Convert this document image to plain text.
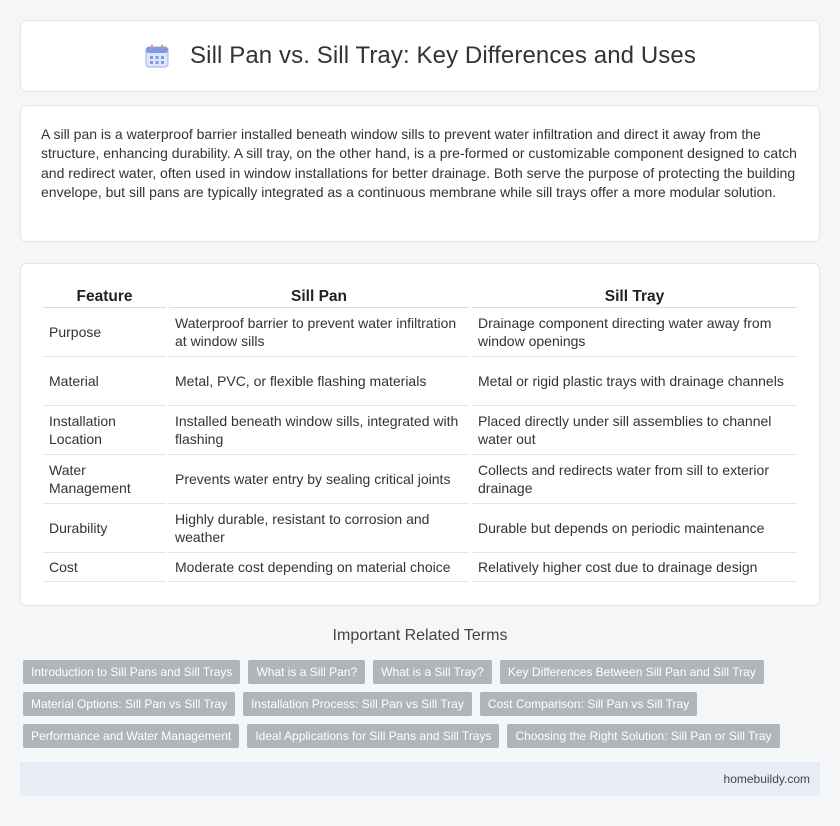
Sill Pan vs. Sill Tray: Key Differences and Uses

A sill pan is a waterproof barrier installed beneath window sills to prevent water infiltration and direct it away from the structure, enhancing durability. A sill tray, on the other hand, is a pre-formed or customizable component designed to catch and redirect water, often used in window installations for better drainage. Both serve the purpose of protecting the building envelope, but sill pans are typically integrated as a continuous membrane while sill trays offer a more modular solution.

Feature	Sill Pan	Sill Tray
Purpose	Waterproof barrier to prevent water infiltration at window sills	Drainage component directing water away from window openings
Material	Metal, PVC, or flexible flashing materials	Metal or rigid plastic trays with drainage channels
Installation Location	Installed beneath window sills, integrated with flashing	Placed directly under sill assemblies to channel water out
Water Management	Prevents water entry by sealing critical joints	Collects and redirects water from sill to exterior drainage
Durability	Highly durable, resistant to corrosion and weather	Durable but depends on periodic maintenance
Cost	Moderate cost depending on material choice	Relatively higher cost due to drainage design
Important Related Terms
Introduction to Sill Pans and Sill Trays	What is a Sill Pan?	What is a Sill Tray?	Key Differences Between Sill Pan and Sill Tray
Material Options: Sill Pan vs Sill Tray	Installation Process: Sill Pan vs Sill Tray	Cost Comparison: Sill Pan vs Sill Tray
Performance and Water Management	Ideal Applications for Sill Pans and Sill Trays	Choosing the Right Solution: Sill Pan or Sill Tray
homebuildy.com
